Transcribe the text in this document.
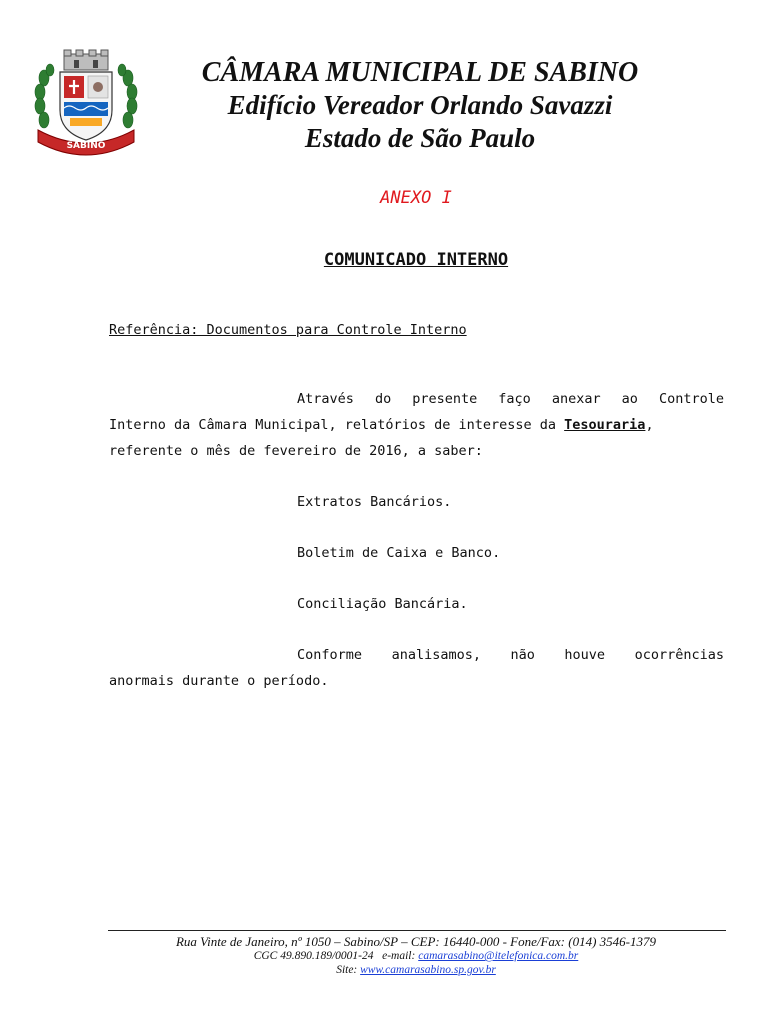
SABINO
CÂMARA MUNICIPAL DE SABINO
Edifício Vereador Orlando Savazzi
Estado de São Paulo
ANEXO I
COMUNICADO INTERNO
Referência: Documentos para Controle Interno
Através do presente faço anexar ao Controle
Interno da Câmara Municipal, relatórios de interesse da Tesouraria,
referente o mês de fevereiro de 2016, a saber:
Extratos Bancários.
Boletim de Caixa e Banco.
Conciliação Bancária.
Conforme analisamos, não houve ocorrências
anormais durante o período.
Rua Vinte de Janeiro, nº 1050 – Sabino/SP – CEP: 16440-000 - Fone/Fax: (014) 3546-1379
CGC 49.890.189/0001-24 e-mail: camarasabino@itelefonica.com.br
Site: www.camarasabino.sp.gov.br
